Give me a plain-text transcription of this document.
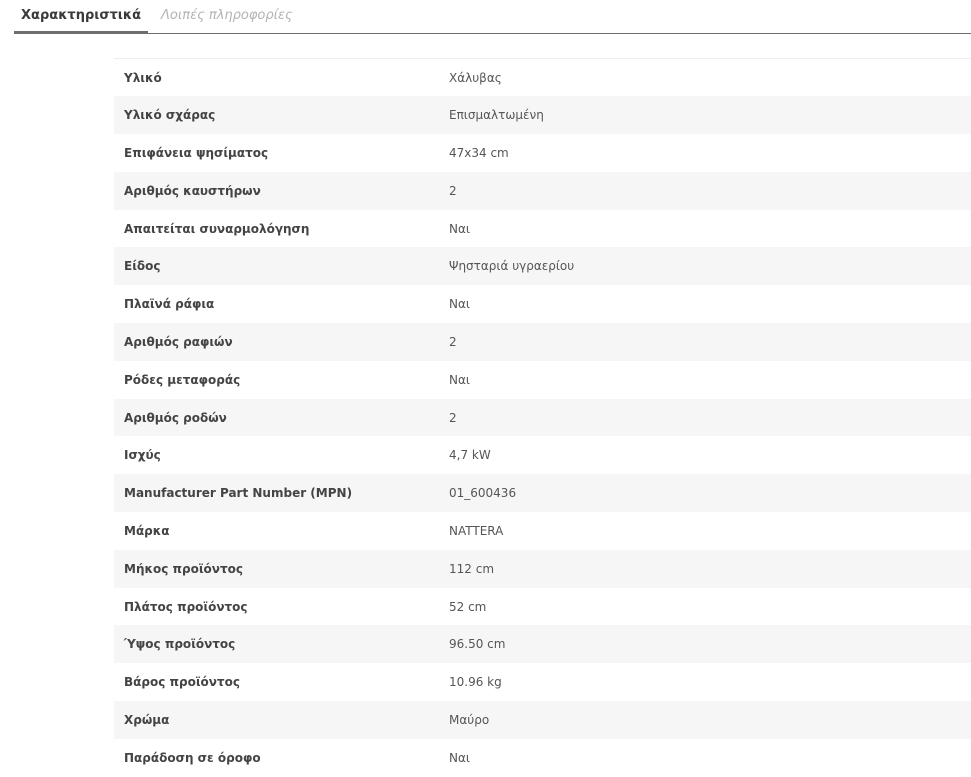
Χαρακτηριστικά	Λοιπές πληροφορίες
Υλικό	Χάλυβας
Υλικό σχάρας	Επισμαλτωμένη
Επιφάνεια ψησίματος	47x34 cm
Αριθμός καυστήρων	2
Απαιτείται συναρμολόγηση	Ναι
Είδος	Ψησταριά υγραερίου
Πλαϊνά ράφια	Ναι
Αριθμός ραφιών	2
Ρόδες μεταφοράς	Ναι
Αριθμός ροδών	2
Ισχύς	4,7 kW
Manufacturer Part Number (MPN)	01_600436
Μάρκα	NATTERA
Μήκος προϊόντος	112 cm
Πλάτος προϊόντος	52 cm
Ύψος προϊόντος	96.50 cm
Βάρος προϊόντος	10.96 kg
Χρώμα	Μαύρο
Παράδοση σε όροφο	Ναι
